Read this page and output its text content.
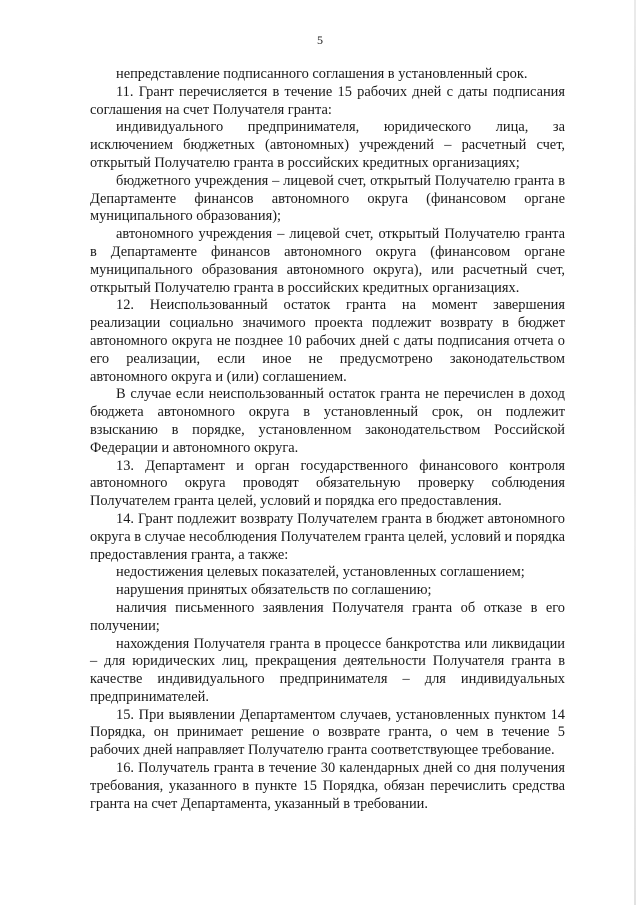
5

непредставление подписанного соглашения в установленный срок.

11. Грант перечисляется в течение 15 рабочих дней с даты подписания соглашения на счет Получателя гранта:

индивидуального предпринимателя, юридического лица, за исключением бюджетных (автономных) учреждений – расчетный счет, открытый Получателю гранта в российских кредитных организациях;

бюджетного учреждения – лицевой счет, открытый Получателю гранта в Департаменте финансов автономного округа (финансовом органе муниципального образования);

автономного учреждения – лицевой счет, открытый Получателю гранта в Департаменте финансов автономного округа (финансовом органе муниципального образования автономного округа), или расчетный счет, открытый Получателю гранта в российских кредитных организациях.

12. Неиспользованный остаток гранта на момент завершения реализации социально значимого проекта подлежит возврату в бюджет автономного округа не позднее 10 рабочих дней с даты подписания отчета о его реализации, если иное не предусмотрено законодательством автономного округа и (или) соглашением.

В случае если неиспользованный остаток гранта не перечислен в доход бюджета автономного округа в установленный срок, он подлежит взысканию в порядке, установленном законодательством Российской Федерации и автономного округа.

13. Департамент и орган государственного финансового контроля автономного округа проводят обязательную проверку соблюдения Получателем гранта целей, условий и порядка его предоставления.

14. Грант подлежит возврату Получателем гранта в бюджет автономного округа в случае несоблюдения Получателем гранта целей, условий и порядка предоставления гранта, а также:

недостижения целевых показателей, установленных соглашением;

нарушения принятых обязательств по соглашению;

наличия письменного заявления Получателя гранта об отказе в его получении;

нахождения Получателя гранта в процессе банкротства или ликвидации – для юридических лиц, прекращения деятельности Получателя гранта в качестве индивидуального предпринимателя – для индивидуальных предпринимателей.

15. При выявлении Департаментом случаев, установленных пунктом 14 Порядка, он принимает решение о возврате гранта, о чем в течение 5 рабочих дней направляет Получателю гранта соответствующее требование.

16. Получатель гранта в течение 30 календарных дней со дня получения требования, указанного в пункте 15 Порядка, обязан перечислить средства гранта на счет Департамента, указанный в требовании.
